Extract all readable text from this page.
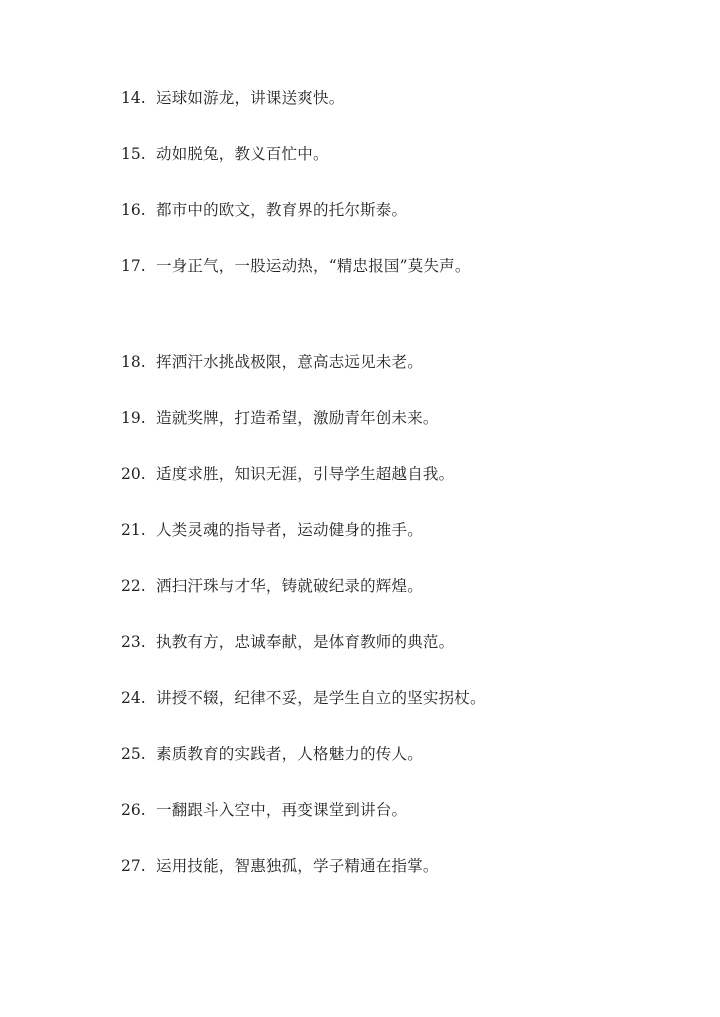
14. 运球如游龙，讲课送爽快。
15. 动如脱兔，教义百忙中。
16. 都市中的欧文，教育界的托尔斯泰。
17. 一身正气，一股运动热，“精忠报国”莫失声。
18. 挥洒汗水挑战极限，意高志远见未老。
19. 造就奖牌，打造希望，激励青年创未来。
20. 适度求胜，知识无涯，引导学生超越自我。
21. 人类灵魂的指导者，运动健身的推手。
22. 洒扫汗珠与才华，铸就破纪录的辉煌。
23. 执教有方，忠诚奉献，是体育教师的典范。
24. 讲授不辍，纪律不妥，是学生自立的坚实拐杖。
25. 素质教育的实践者，人格魅力的传人。
26. 一翻跟斗入空中，再变课堂到讲台。
27. 运用技能，智惠独孤，学子精通在指掌。
